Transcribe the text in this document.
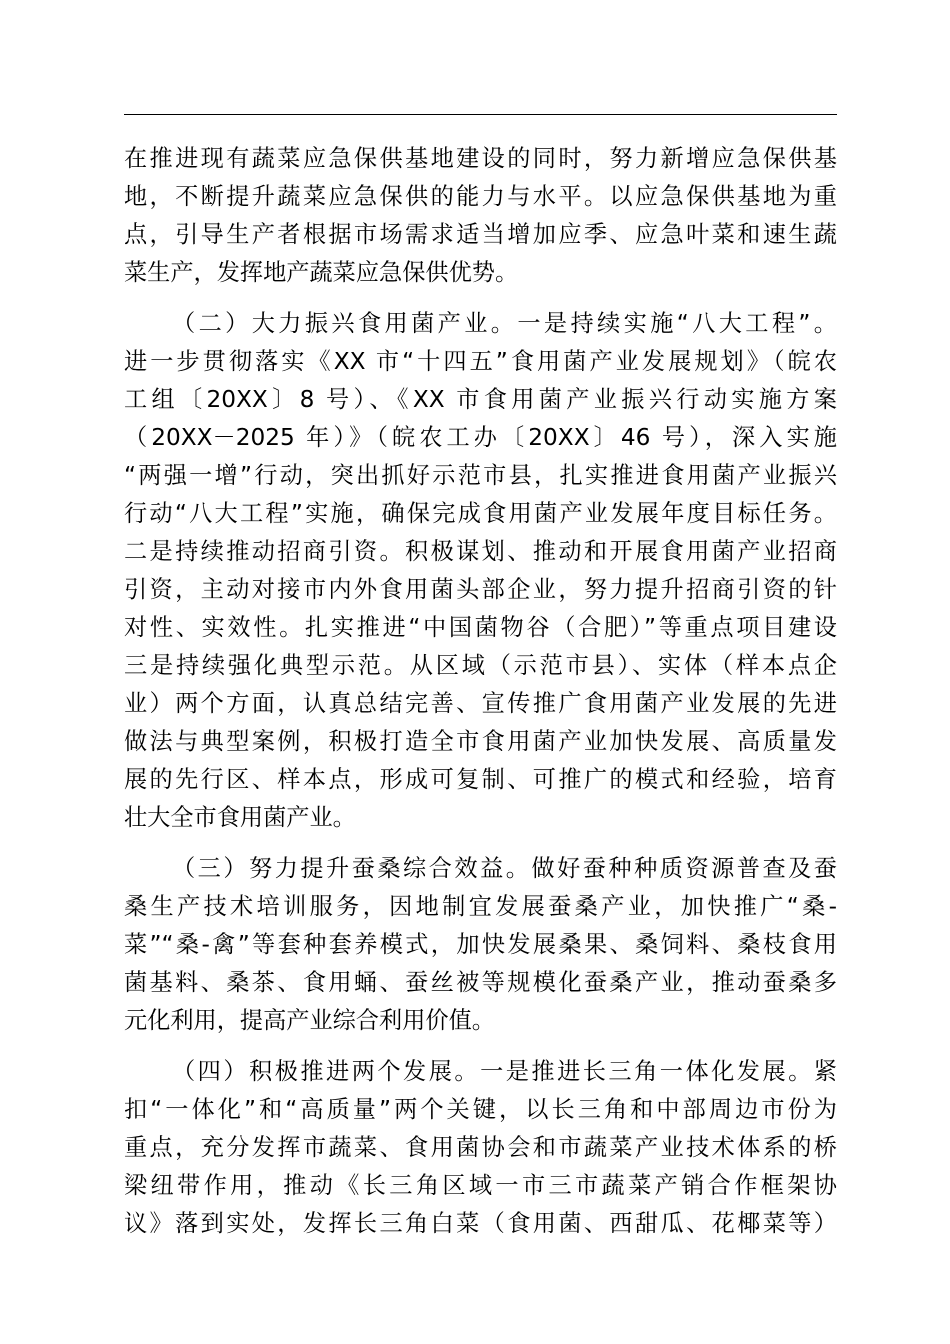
在推进现有蔬菜应急保供基地建设的同时，努力新增应急保供基
地，不断提升蔬菜应急保供的能力与水平。以应急保供基地为重
点，引导生产者根据市场需求适当增加应季、应急叶菜和速生蔬
菜生产，发挥地产蔬菜应急保供优势。
（二）大力振兴食用菌产业。一是持续实施“八大工程”。
进一步贯彻落实《XX 市“十四五”食用菌产业发展规划》（皖农
工组〔20XX〕8 号）、《XX 市食用菌产业振兴行动实施方案
（20XX－2025 年）》（皖农工办〔20XX〕46 号），深入实施
“两强一增”行动，突出抓好示范市县，扎实推进食用菌产业振兴
行动“八大工程”实施，确保完成食用菌产业发展年度目标任务。
二是持续推动招商引资。积极谋划、推动和开展食用菌产业招商
引资，主动对接市内外食用菌头部企业，努力提升招商引资的针
对性、实效性。扎实推进“中国菌物谷（合肥）”等重点项目建设
三是持续强化典型示范。从区域（示范市县）、实体（样本点企
业）两个方面，认真总结完善、宣传推广食用菌产业发展的先进
做法与典型案例，积极打造全市食用菌产业加快发展、高质量发
展的先行区、样本点，形成可复制、可推广的模式和经验，培育
壮大全市食用菌产业。
（三）努力提升蚕桑综合效益。做好蚕种种质资源普查及蚕
桑生产技术培训服务，因地制宜发展蚕桑产业，加快推广“桑-
菜”“桑-禽”等套种套养模式，加快发展桑果、桑饲料、桑枝食用
菌基料、桑茶、食用蛹、蚕丝被等规模化蚕桑产业，推动蚕桑多
元化利用，提高产业综合利用价值。
（四）积极推进两个发展。一是推进长三角一体化发展。紧
扣“一体化”和“高质量”两个关键，以长三角和中部周边市份为
重点，充分发挥市蔬菜、食用菌协会和市蔬菜产业技术体系的桥
梁纽带作用，推动《长三角区域一市三市蔬菜产销合作框架协
议》落到实处，发挥长三角白菜（食用菌、西甜瓜、花椰菜等）
